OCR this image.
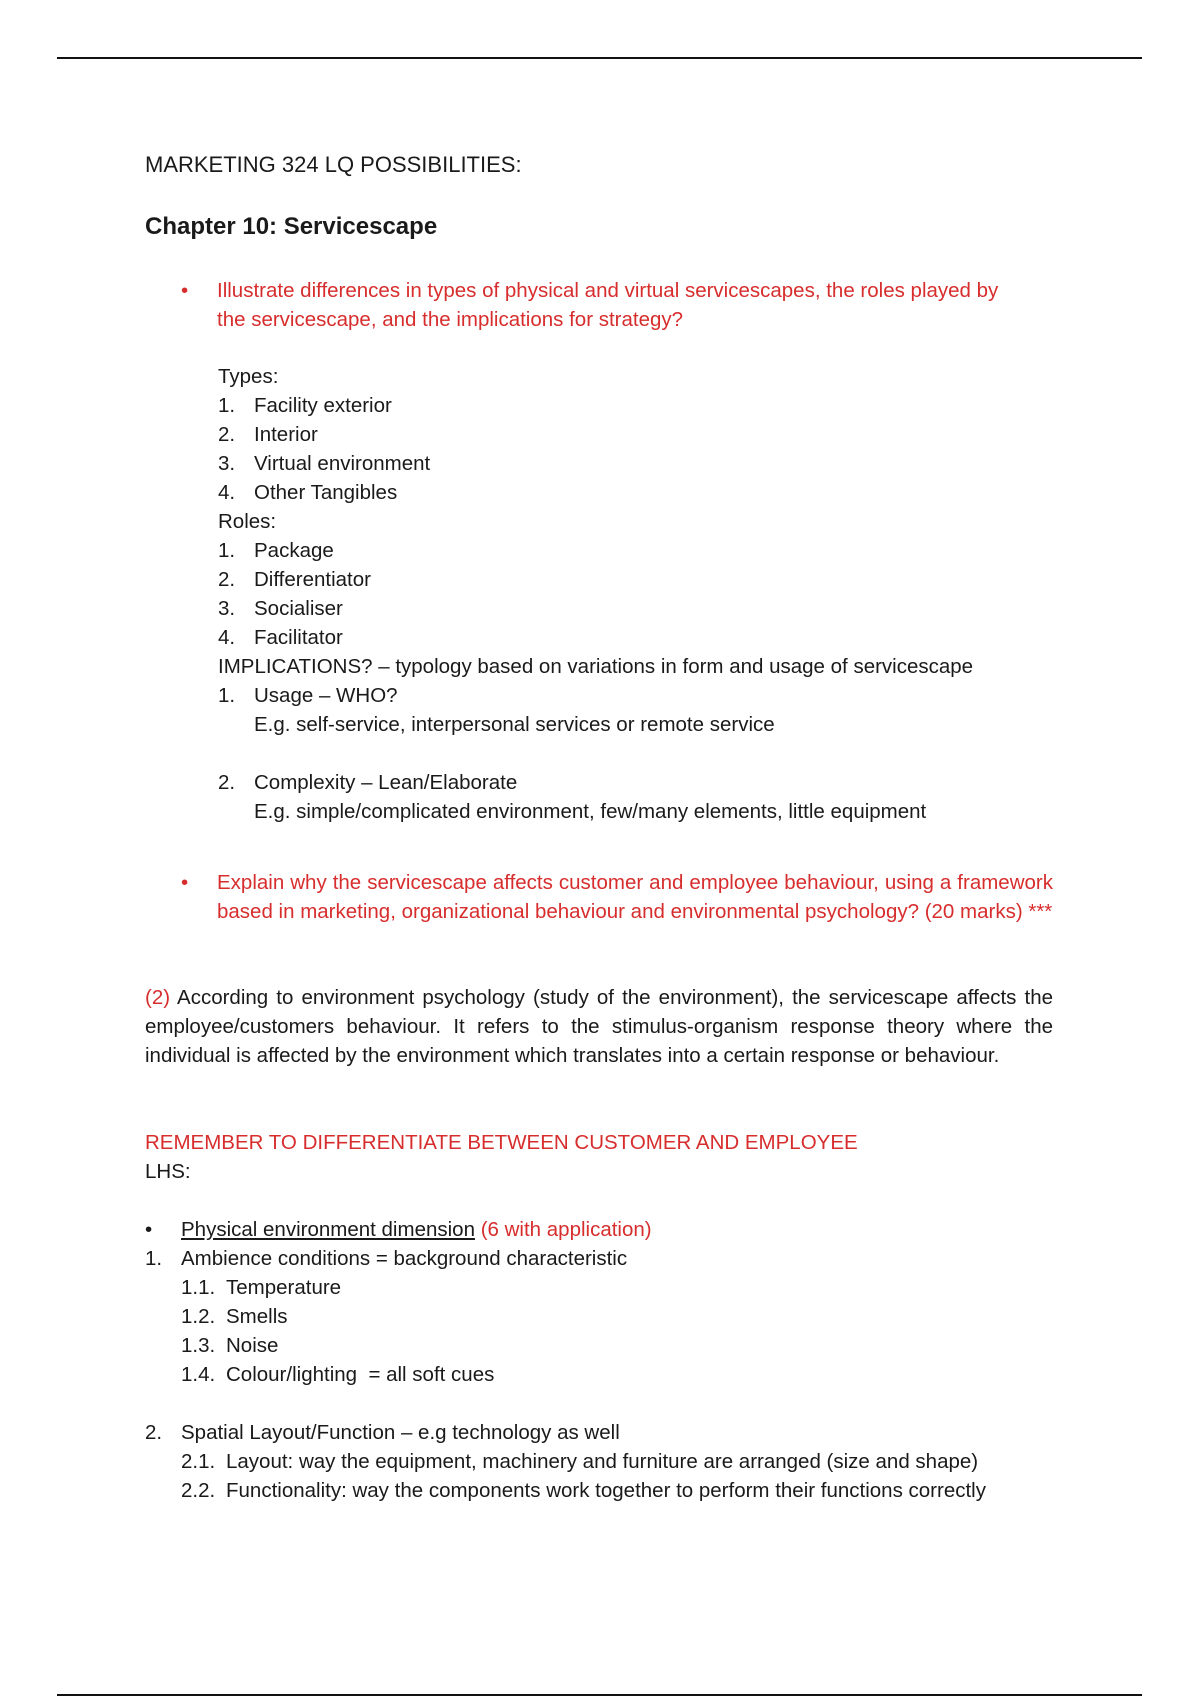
MARKETING 324 LQ POSSIBILITIES:
Chapter 10: Servicescape
•	Illustrate differences in types of physical and virtual servicescapes, the roles played by the servicescape, and the implications for strategy?
Types:
1. Facility exterior
2. Interior
3. Virtual environment
4. Other Tangibles
Roles:
1. Package
2. Differentiator
3. Socialiser
4. Facilitator
IMPLICATIONS? – typology based on variations in form and usage of servicescape
1. Usage – WHO?
E.g. self-service, interpersonal services or remote service
2. Complexity – Lean/Elaborate
E.g. simple/complicated environment, few/many elements, little equipment
•	Explain why the servicescape affects customer and employee behaviour, using a framework based in marketing, organizational behaviour and environmental psychology? (20 marks) ***
(2) According to environment psychology (study of the environment), the servicescape affects the employee/customers behaviour. It refers to the stimulus-organism response theory where the individual is affected by the environment which translates into a certain response or behaviour.
REMEMBER TO DIFFERENTIATE BETWEEN CUSTOMER AND EMPLOYEE
LHS:
• Physical environment dimension (6 with application)
1. Ambience conditions = background characteristic
1.1. Temperature
1.2. Smells
1.3. Noise
1.4. Colour/lighting  = all soft cues
2. Spatial Layout/Function – e.g technology as well
2.1. Layout: way the equipment, machinery and furniture are arranged (size and shape)
2.2. Functionality: way the components work together to perform their functions correctly
